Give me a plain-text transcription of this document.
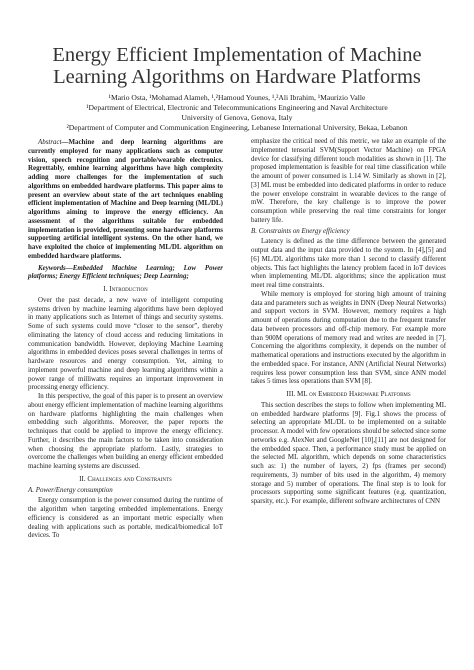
Energy Efficient Implementation of Machine
Learning Algorithms on Hardware Platforms

¹Mario Osta, ¹Mohamad Alameh, ¹,²Hamoud Younes, ¹,²Ali Ibrahim, ¹Maurizio Valle

¹Department of Electrical, Electronic and Telecommunications Engineering and Naval Architecture

University of Genova, Genova, Italy

²Department of Computer and Communication Engineering, Lebanese International University, Bekaa, Lebanon

Abstract—Machine and deep learning algorithms are currently employed for many applications such as computer vision, speech recognition and portable/wearable electronics. Regrettably, emhine learning algorithms have high complexity adding more challenges for the implementation of such algorithms on embedded hardware platforms. This paper aims to present an overview about state of the art techniques enabling efficient implementation of Machine and Deep learning (ML/DL) algorithms aiming to improve the energy efficiency. An assessment of the algorithms suitable for embedded implementation is provided, presenting some hardware platforms supporting artificial intelligent systems. On the other hand, we have exploited the choice of implementing ML/DL algorithm on embedded hardware platforms.

Keywords—Embedded Machine Learning; Low Power platforms; Energy Efficient techniques; Deep Learning;

I. Introduction

Over the past decade, a new wave of intelligent computing systems driven by machine learning algorithms have been deployed in many applications such as Internet of things and security systems. Some of such systems could move “closer to the sensor”, thereby eliminating the latency of cloud access and reducing limitations in communication bandwidth. However, deploying Machine Learning algorithms in embedded devices poses several challenges in terms of hardware resources and energy consumption. Yet, aiming to implement powerful machine and deep learning algorithms within a power range of milliwatts requires an important improvement in processing energy efficiency.

In this perspective, the goal of this paper is to present an overview about energy efficient implementation of machine learning algorithms on hardware platforms highlighting the main challenges when embedding such algorithms. Moreover, the paper reports the techniques that could be applied to improve the energy efficiency. Further, it describes the main factors to be taken into consideration when choosing the appropriate platform. Lastly, strategies to overcome the challenges when building an energy efficient embedded machine learning systems are discussed.

II. Challenges and Constraints

A. Power/Energy consumption

Energy consumption is the power consumed during the runtime of the algorithm when targeting embedded implementations. Energy efficiency is considered as an important metric especially when dealing with applications such as portable, medical/biomedical IoT devices. To

emphasize the critical need of this metric, we take an example of the implemented tensorial SVM(Support Vector Machine) on FPGA device for classifying different touch modalities as shown in [1]. The proposed implementation is feasible for real time classification while the amount of power consumed is 1.14 W. Similarly as shown in [2], [3] ML must be embedded into dedicated platforms in order to reduce the power envelope constraint in wearable devices to the range of mW. Therefore, the key challenge is to improve the power consumption while preserving the real time constraints for longer battery life.

B. Constraints on Energy efficiency

Latency is defined as the time difference between the generated output data and the input data provided to the system. In [4],[5] and [6] ML/DL algorithms take more than 1 second to classify different objects. This fact highlights the latency problem faced in IoT devices when implementing ML/DL algorithms; since the application must meet real time constraints.

While memory is employed for storing high amount of training data and parameters such as weights in DNN (Deep Neural Networks) and support vectors in SVM. However, memory requires a high amount of operations during computation due to the frequent transfer data between processors and off-chip memory. For example more than 900M operations of memory read and writes are needed in [7]. Concerning the algorithms complexity, it depends on the number of mathematical operations and instructions executed by the algorithm in the embedded space. For instance, ANN (Artificial Neural Networks) requires less power consumption less than SVM, since ANN model takes 5 times less operations than SVM [8].

III. ML on Embedded Hardware Platforms

This section describes the steps to follow when implementing ML on embedded hardware platforms [9]. Fig.1 shows the process of selecting an appropriate ML/DL to be implemented on a suitable processor. A model with few operations should be selected since some networks e.g. AlexNet and GoogleNet [10],[11] are not designed for the embedded space. Then, a performance study must be applied on the selected ML algorithm, which depends on some characteristics such as: 1) the number of layers, 2) fps (frames per second) requirements, 3) number of bits used in the algorithm, 4) memory storage and 5) number of operations. The final step is to look for processors supporting some significant features (e.g. quantization, sparsity, etc.). For example, different software architectures of CNN
